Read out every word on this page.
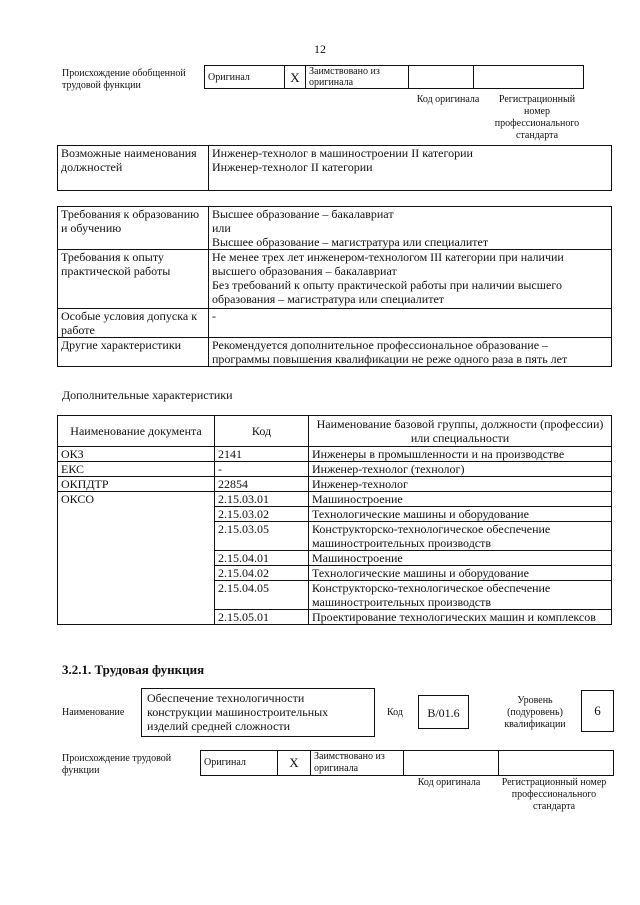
12
Происхождение обобщенной трудовой функции
Оригинал	X	Заимствовано из оригинала		
Код оригинала	Регистрационный номер профессионального стандарта
Возможные наименования должностей	
Инженер-технолог в машиностроении II категории
Инженер-технолог II категории
Требования к образованию и обучению	Высшее образование – бакалавриат
или
Высшее образование – магистратура или специалитет

Требования к опыту практической работы	Не менее трех лет инженером-технологом III категории при наличии высшего образования – бакалавриат
Без требований к опыту практической работы при наличии высшего образования – магистратура или специалитет

Особые условия допуска к работе	-

Другие характеристики	Рекомендуется дополнительное профессиональное образование – программы повышения квалификации не реже одного раза в пять лет
Дополнительные характеристики
Наименование документа	Код	Наименование базовой группы, должности (профессии) или специальности
ОКЗ	2141	Инженеры в промышленности и на производстве
ЕКС	-	Инженер-технолог (технолог)
ОКПДТР	22854	Инженер-технолог
ОКСО	2.15.03.01	Машиностроение
	2.15.03.02	Технологические машины и оборудование
	2.15.03.05	Конструкторско-технологическое обеспечение машиностроительных производств
	2.15.04.01	Машиностроение
	2.15.04.02	Технологические машины и оборудование
	2.15.04.05	Конструкторско-технологическое обеспечение машиностроительных производств
	2.15.05.01	Проектирование технологических машин и комплексов
3.2.1. Трудовая функция
Наименование
Обеспечение технологичности конструкции машиностроительных изделий средней сложности
Код	B/01.6
Уровень (подуровень) квалификации
6
Происхождение трудовой функции
Оригинал	X	Заимствовано из оригинала		
Код оригинала	Регистрационный номер профессионального стандарта
